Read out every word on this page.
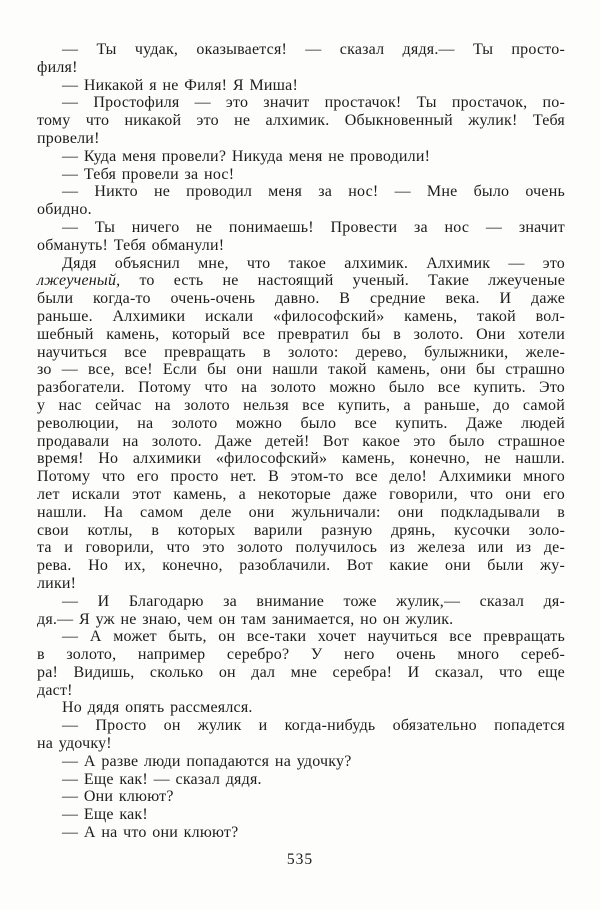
— Ты чудак, оказывается! — сказал дядя.— Ты просто-
филя!
— Никакой я не Филя! Я Миша!
— Простофиля — это значит простачок! Ты простачок, по-
тому что никакой это не алхимик. Обыкновенный жулик! Тебя
провели!
— Куда меня провели? Никуда меня не проводили!
— Тебя провели за нос!
— Никто не проводил меня за нос! — Мне было очень
обидно.
— Ты ничего не понимаешь! Провести за нос — значит
обмануть! Тебя обманули!
Дядя объяснил мне, что такое алхимик. Алхимик — это
лжеученый, то есть не настоящий ученый. Такие лжеученые
были когда-то очень-очень давно. В средние века. И даже
раньше. Алхимики искали «философский» камень, такой вол-
шебный камень, который все превратил бы в золото. Они хотели
научиться все превращать в золото: дерево, булыжники, желе-
зо — все, все! Если бы они нашли такой камень, они бы страшно
разбогатели. Потому что на золото можно было все купить. Это
у нас сейчас на золото нельзя все купить, а раньше, до самой
революции, на золото можно было все купить. Даже людей
продавали на золото. Даже детей! Вот какое это было страшное
время! Но алхимики «философский» камень, конечно, не нашли.
Потому что его просто нет. В этом-то все дело! Алхимики много
лет искали этот камень, а некоторые даже говорили, что они его
нашли. На самом деле они жульничали: они подкладывали в
свои котлы, в которых варили разную дрянь, кусочки золо-
та и говорили, что это золото получилось из железа или из де-
рева. Но их, конечно, разоблачили. Вот какие они были жу-
лики!
— И Благодарю за внимание тоже жулик,— сказал дя-
дя.— Я уж не знаю, чем он там занимается, но он жулик.
— А может быть, он все-таки хочет научиться все превращать
в золото, например серебро? У него очень много сереб-
ра! Видишь, сколько он дал мне серебра! И сказал, что еще
даст!
Но дядя опять рассмеялся.
— Просто он жулик и когда-нибудь обязательно попадется
на удочку!
— А разве люди попадаются на удочку?
— Еще как! — сказал дядя.
— Они клюют?
— Еще как!
— А на что они клюют?
535
